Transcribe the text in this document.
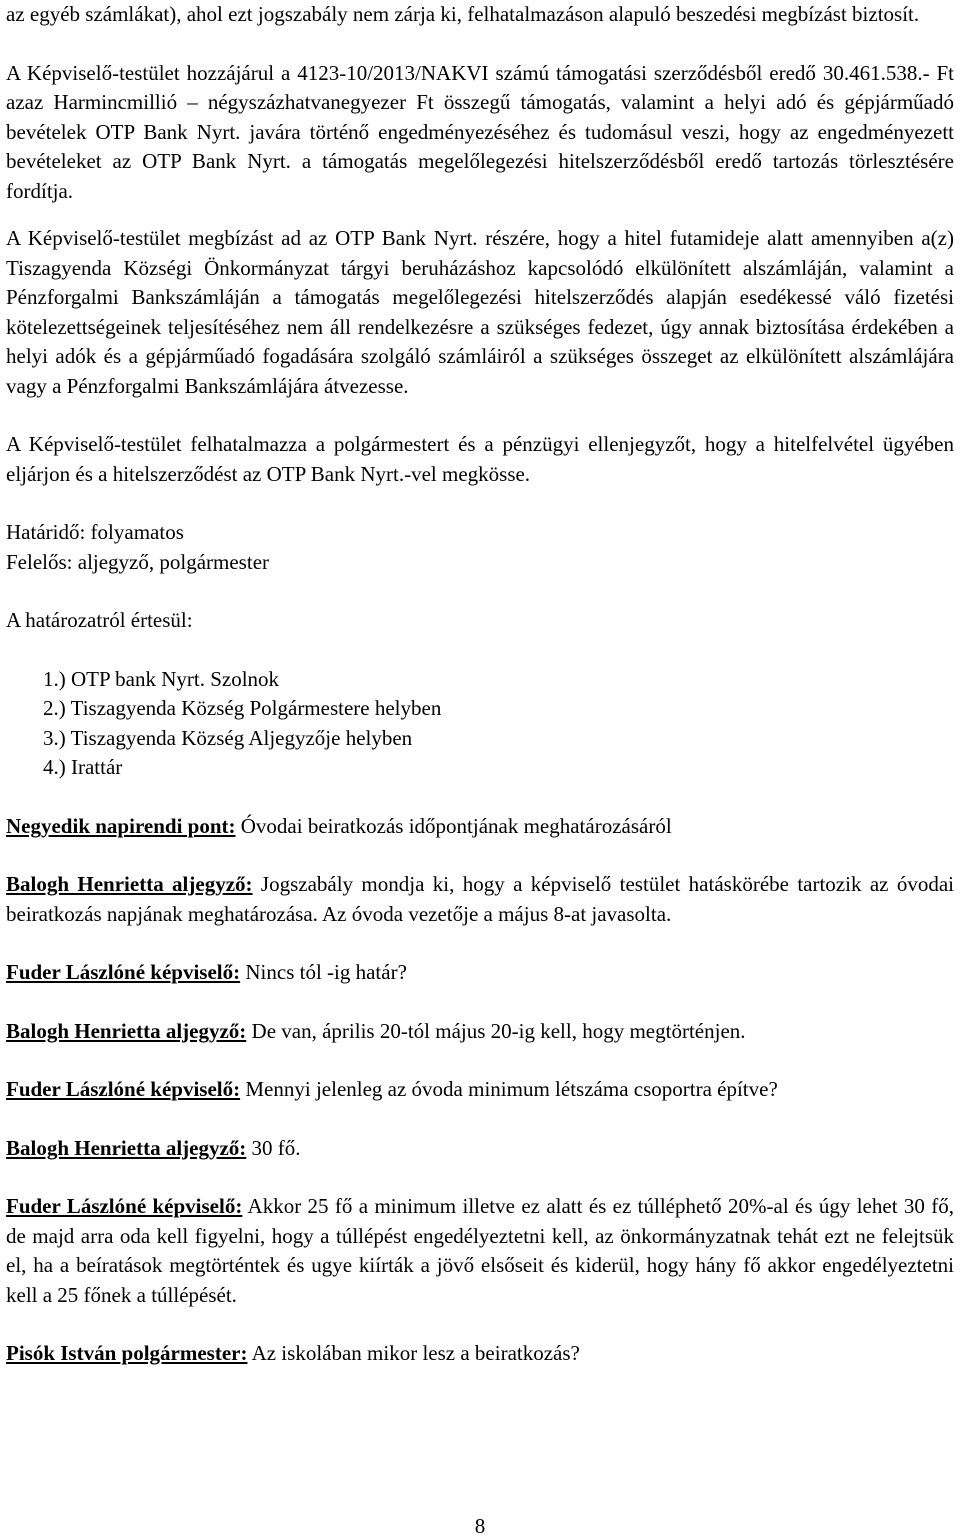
az egyéb számlákat), ahol ezt jogszabály nem zárja ki, felhatalmazáson alapuló beszedési megbízást biztosít.

A Képviselő-testület hozzájárul a 4123-10/2013/NAKVI számú támogatási szerződésből eredő 30.461.538.- Ft azaz Harmincmillió – négyszázhatvanegyezer Ft összegű támogatás, valamint a helyi adó és gépjárműadó bevételek OTP Bank Nyrt. javára történő engedményezéséhez és tudomásul veszi, hogy az engedményezett bevételeket az OTP Bank Nyrt. a támogatás megelőlegezési hitelszerződésből eredő tartozás törlesztésére fordítja.

A Képviselő-testület megbízást ad az OTP Bank Nyrt. részére, hogy a hitel futamideje alatt amennyiben a(z) Tiszagyenda Községi Önkormányzat tárgyi beruházáshoz kapcsolódó elkülönített alszámláján, valamint a Pénzforgalmi Bankszámláján a támogatás megelőlegezési hitelszerződés alapján esedékessé váló fizetési kötelezettségeinek teljesítéséhez nem áll rendelkezésre a szükséges fedezet, úgy annak biztosítása érdekében a helyi adók és a gépjárműadó fogadására szolgáló számláiról a szükséges összeget az elkülönített alszámlájára vagy a Pénzforgalmi Bankszámlájára átvezesse.

A Képviselő-testület felhatalmazza a polgármestert és a pénzügyi ellenjegyzőt, hogy a hitelfelvétel ügyében eljárjon és a hitelszerződést az OTP Bank Nyrt.-vel megkösse.

Határidő: folyamatos

Felelős: aljegyző, polgármester

A határozatról értesül:

1.) OTP bank Nyrt. Szolnok
2.) Tiszagyenda Község Polgármestere helyben
3.) Tiszagyenda Község Aljegyzője helyben
4.) Irattár

Negyedik napirendi pont: Óvodai beiratkozás időpontjának meghatározásáról

Balogh Henrietta aljegyző: Jogszabály mondja ki, hogy a képviselő testület hatáskörébe tartozik az óvodai beiratkozás napjának meghatározása. Az óvoda vezetője a május 8-at javasolta.

Fuder Lászlóné képviselő: Nincs tól -ig határ?

Balogh Henrietta aljegyző: De van, április 20-tól május 20-ig kell, hogy megtörténjen.

Fuder Lászlóné képviselő: Mennyi jelenleg az óvoda minimum létszáma csoportra építve?

Balogh Henrietta aljegyző: 30 fő.

Fuder Lászlóné képviselő: Akkor 25 fő a minimum illetve ez alatt és ez túlléphető 20%-al és úgy lehet 30 fő, de majd arra oda kell figyelni, hogy a túllépést engedélyeztetni kell, az önkormányzatnak tehát ezt ne felejtsük el, ha a beíratások megtörténtek és ugye kiírták a jövő elsőseit és kiderül, hogy hány fő akkor engedélyeztetni kell a 25 főnek a túllépését.

Pisók István polgármester: Az iskolában mikor lesz a beiratkozás?

8
